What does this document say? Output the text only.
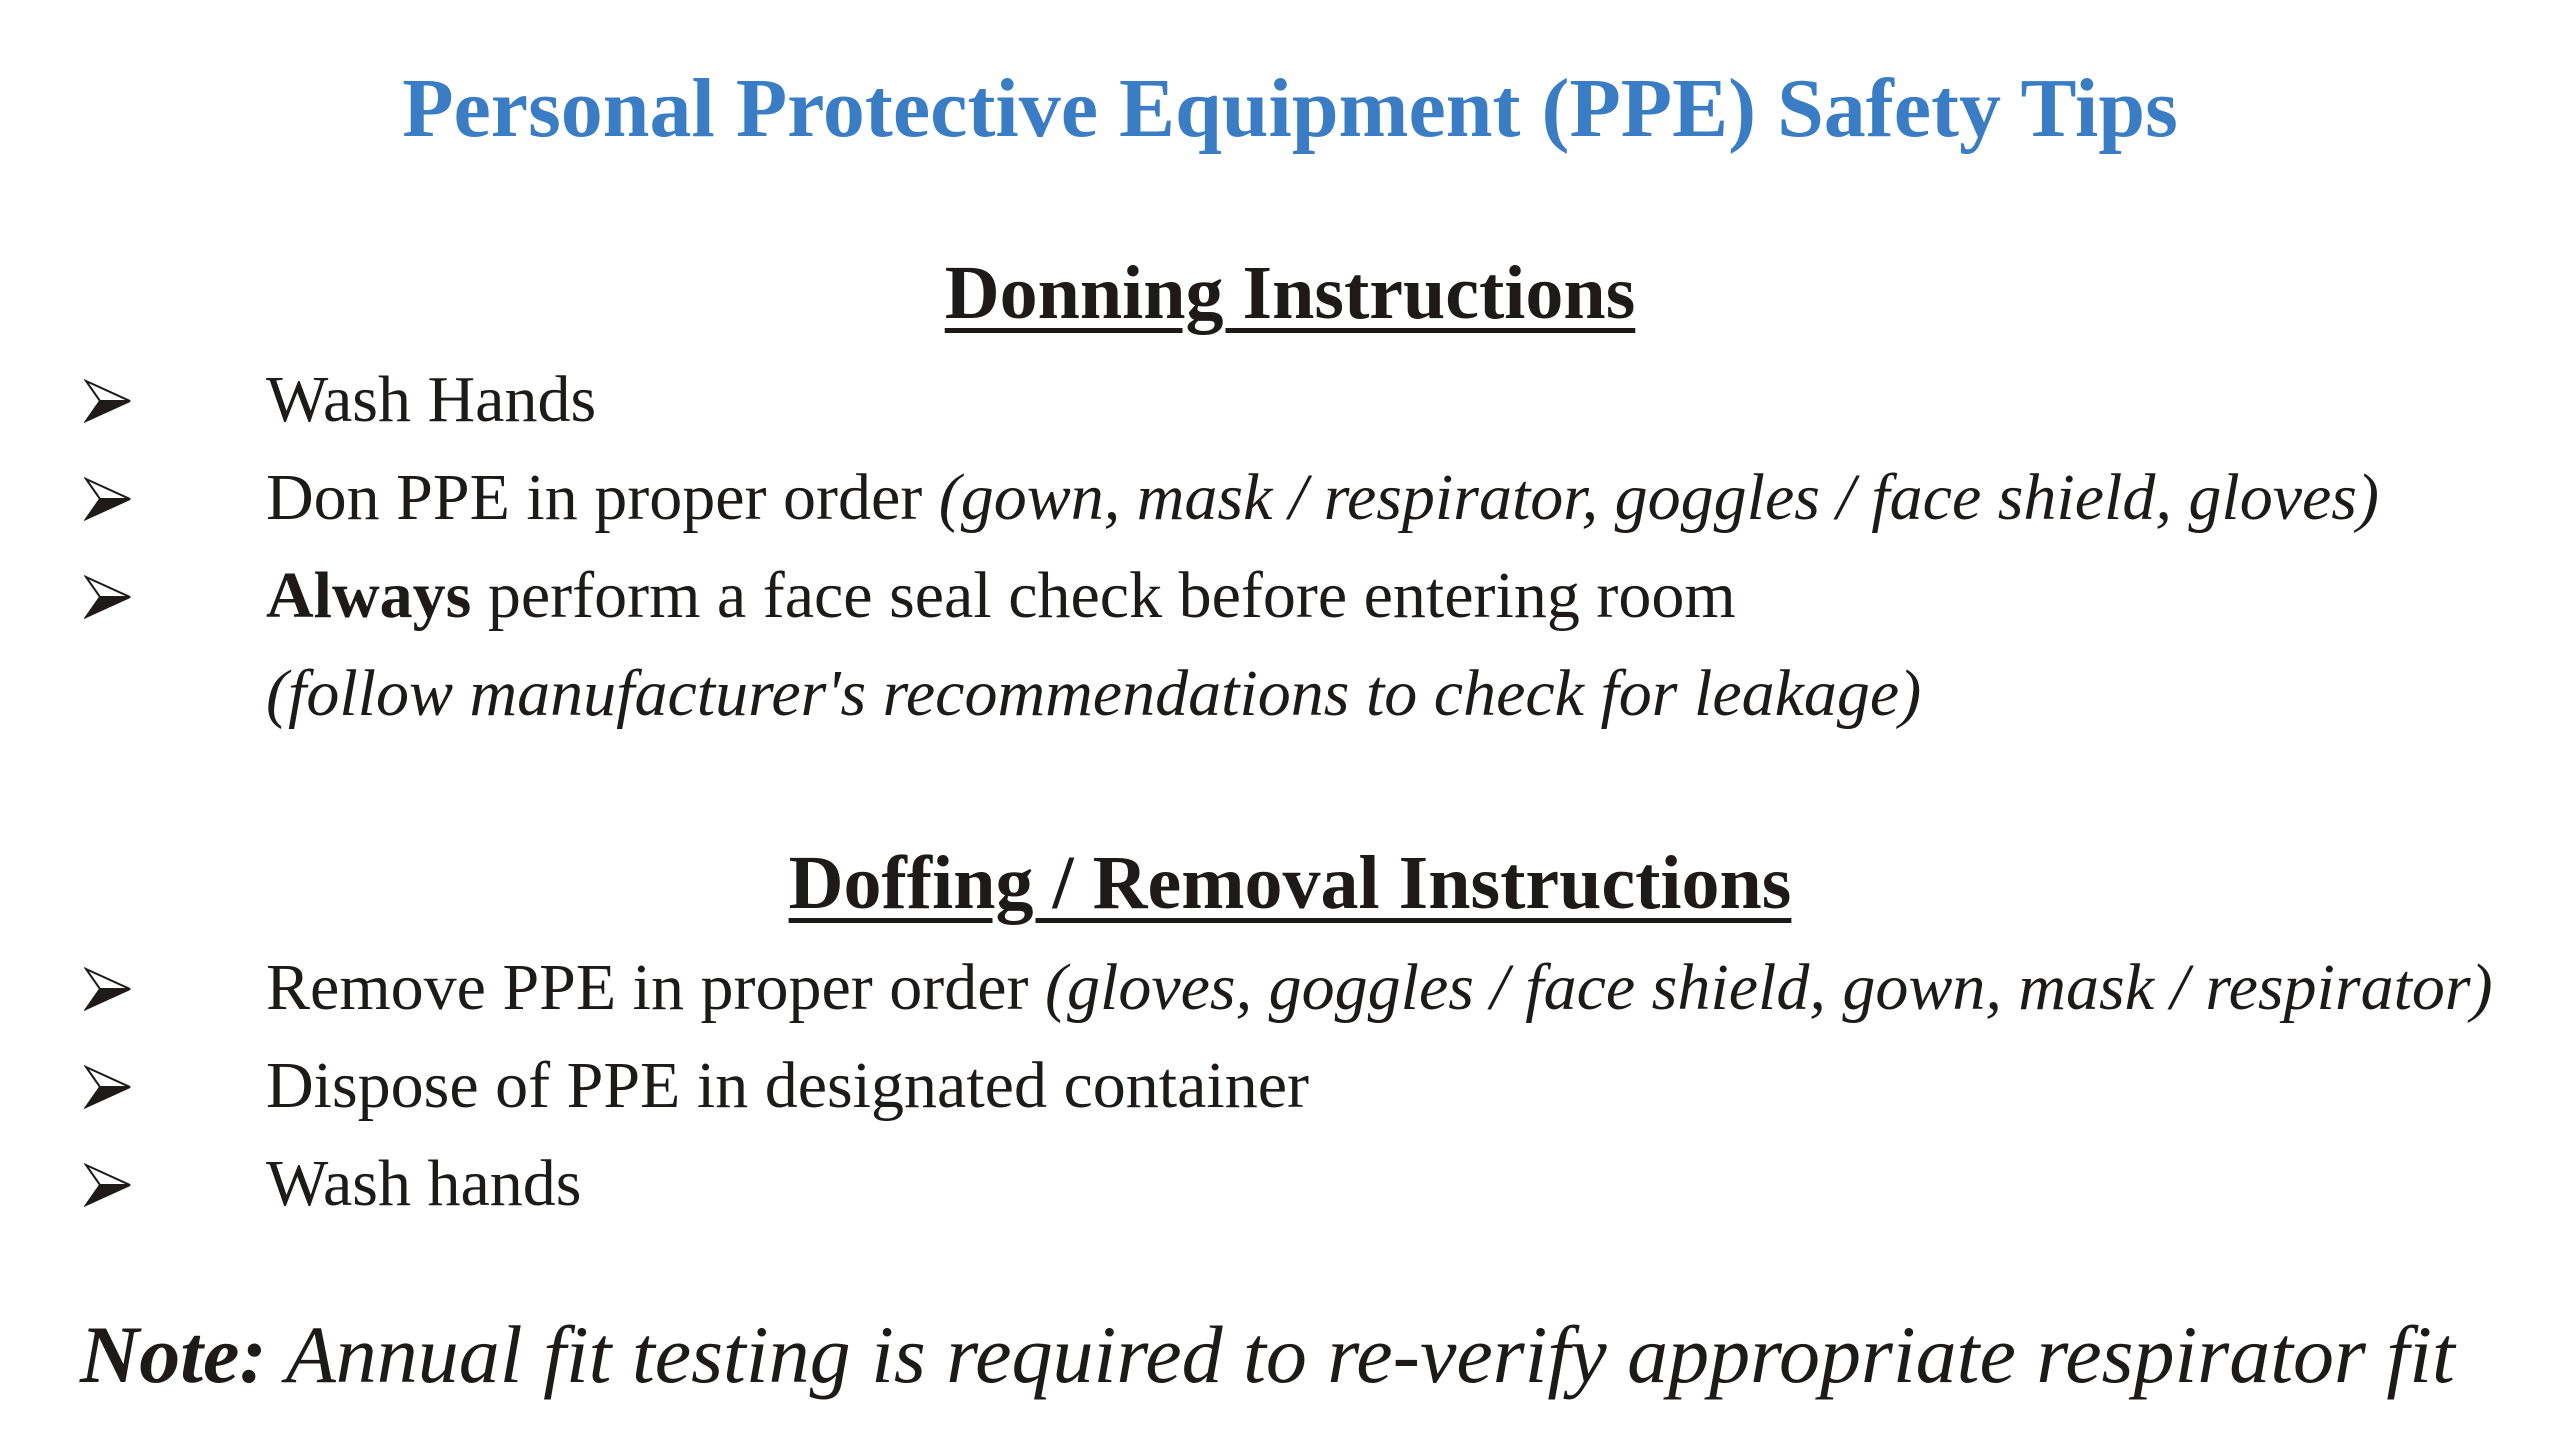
Personal Protective Equipment (PPE) Safety Tips
Donning Instructions
Wash Hands
Don PPE in proper order (gown, mask / respirator, goggles / face shield, gloves)
Always perform a face seal check before entering room
(follow manufacturer's recommendations to check for leakage)
Doffing / Removal Instructions
Remove PPE in proper order (gloves, goggles / face shield, gown, mask / respirator)
Dispose of PPE in designated container
Wash hands
Note: Annual fit testing is required to re-verify appropriate respirator fit
